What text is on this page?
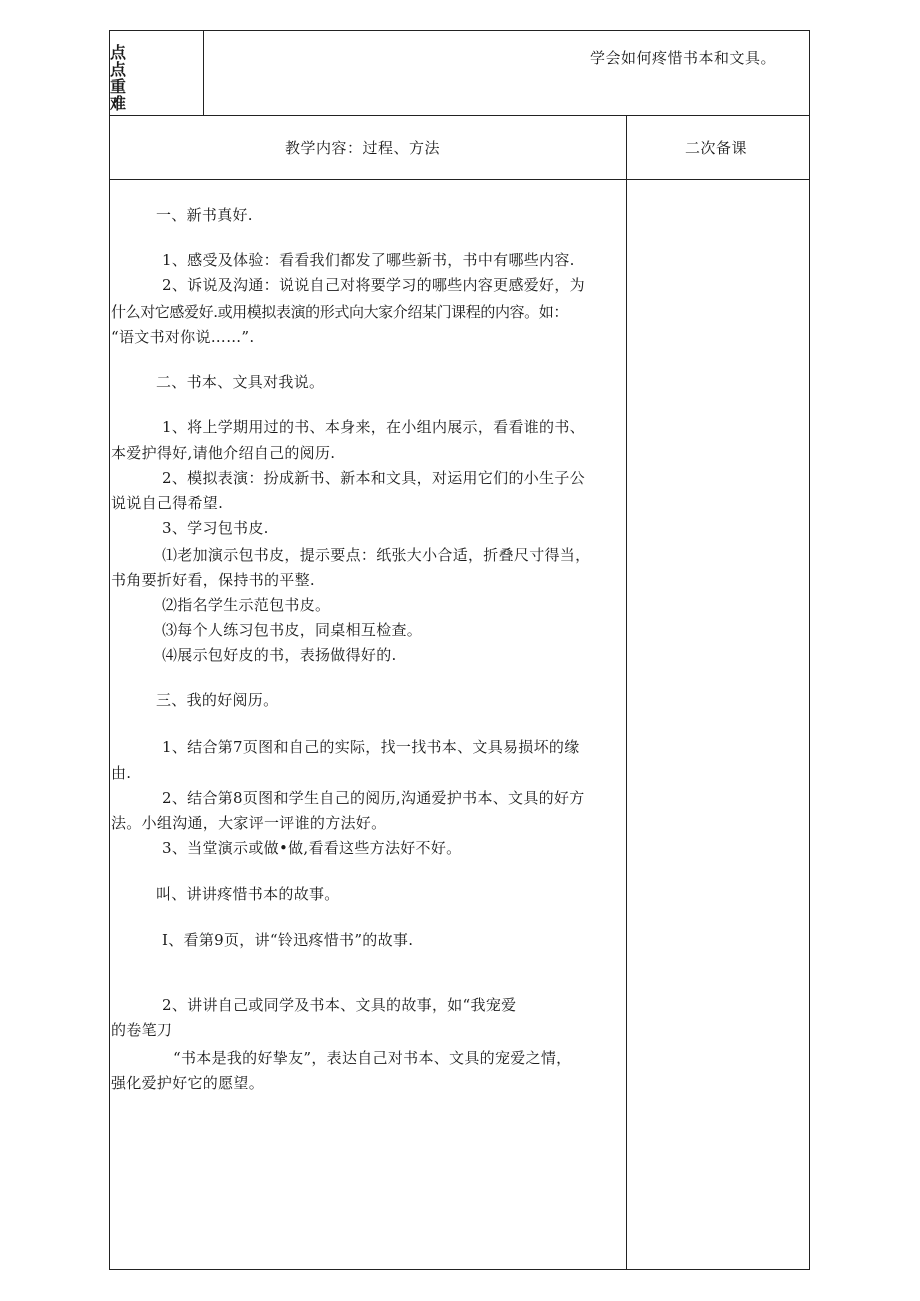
点
点
重
难
学会如何疼惜书本和文具。
教学内容：过程、方法	二次备课
一、新书真好.
1、感受及体验：看看我们都发了哪些新书，书中有哪些内容.
2、诉说及沟通：说说自己对将要学习的哪些内容更感爱好，为
什么对它感爱好.或用模拟表演的形式向大家介绍某门课程的内容。如：
“语文书对你说……”.
二、书本、文具对我说。
1、将上学期用过的书、本身来，在小组内展示，看看谁的书、
本爱护得好,请他介绍自己的阅历.
2、模拟表演：扮成新书、新本和文具，对运用它们的小生子公
说说自己得希望.
3、学习包书皮.
⑴老加演示包书皮，提示要点：纸张大小合适，折叠尺寸得当，
书角要折好看，保持书的平整.
⑵指名学生示范包书皮。
⑶每个人练习包书皮，同桌相互检查。
⑷展示包好皮的书，表扬做得好的.
三、我的好阅历。
1、结合第7页图和自己的实际，找一找书本、文具易损坏的缘
由.
2、结合第8页图和学生自己的阅历,沟通爱护书本、文具的好方
法。小组沟通，大家评一评谁的方法好。
3、当堂演示或做•做,看看这些方法好不好。
叫、讲讲疼惜书本的故事。
I、看第9页，讲“铃迅疼惜书”的故事.
2、讲讲自己或同学及书本、文具的故事，如“我宠爱
的卷笔刀
“书本是我的好挚友”，表达自己对书本、文具的宠爱之情，
强化爱护好它的愿望。
